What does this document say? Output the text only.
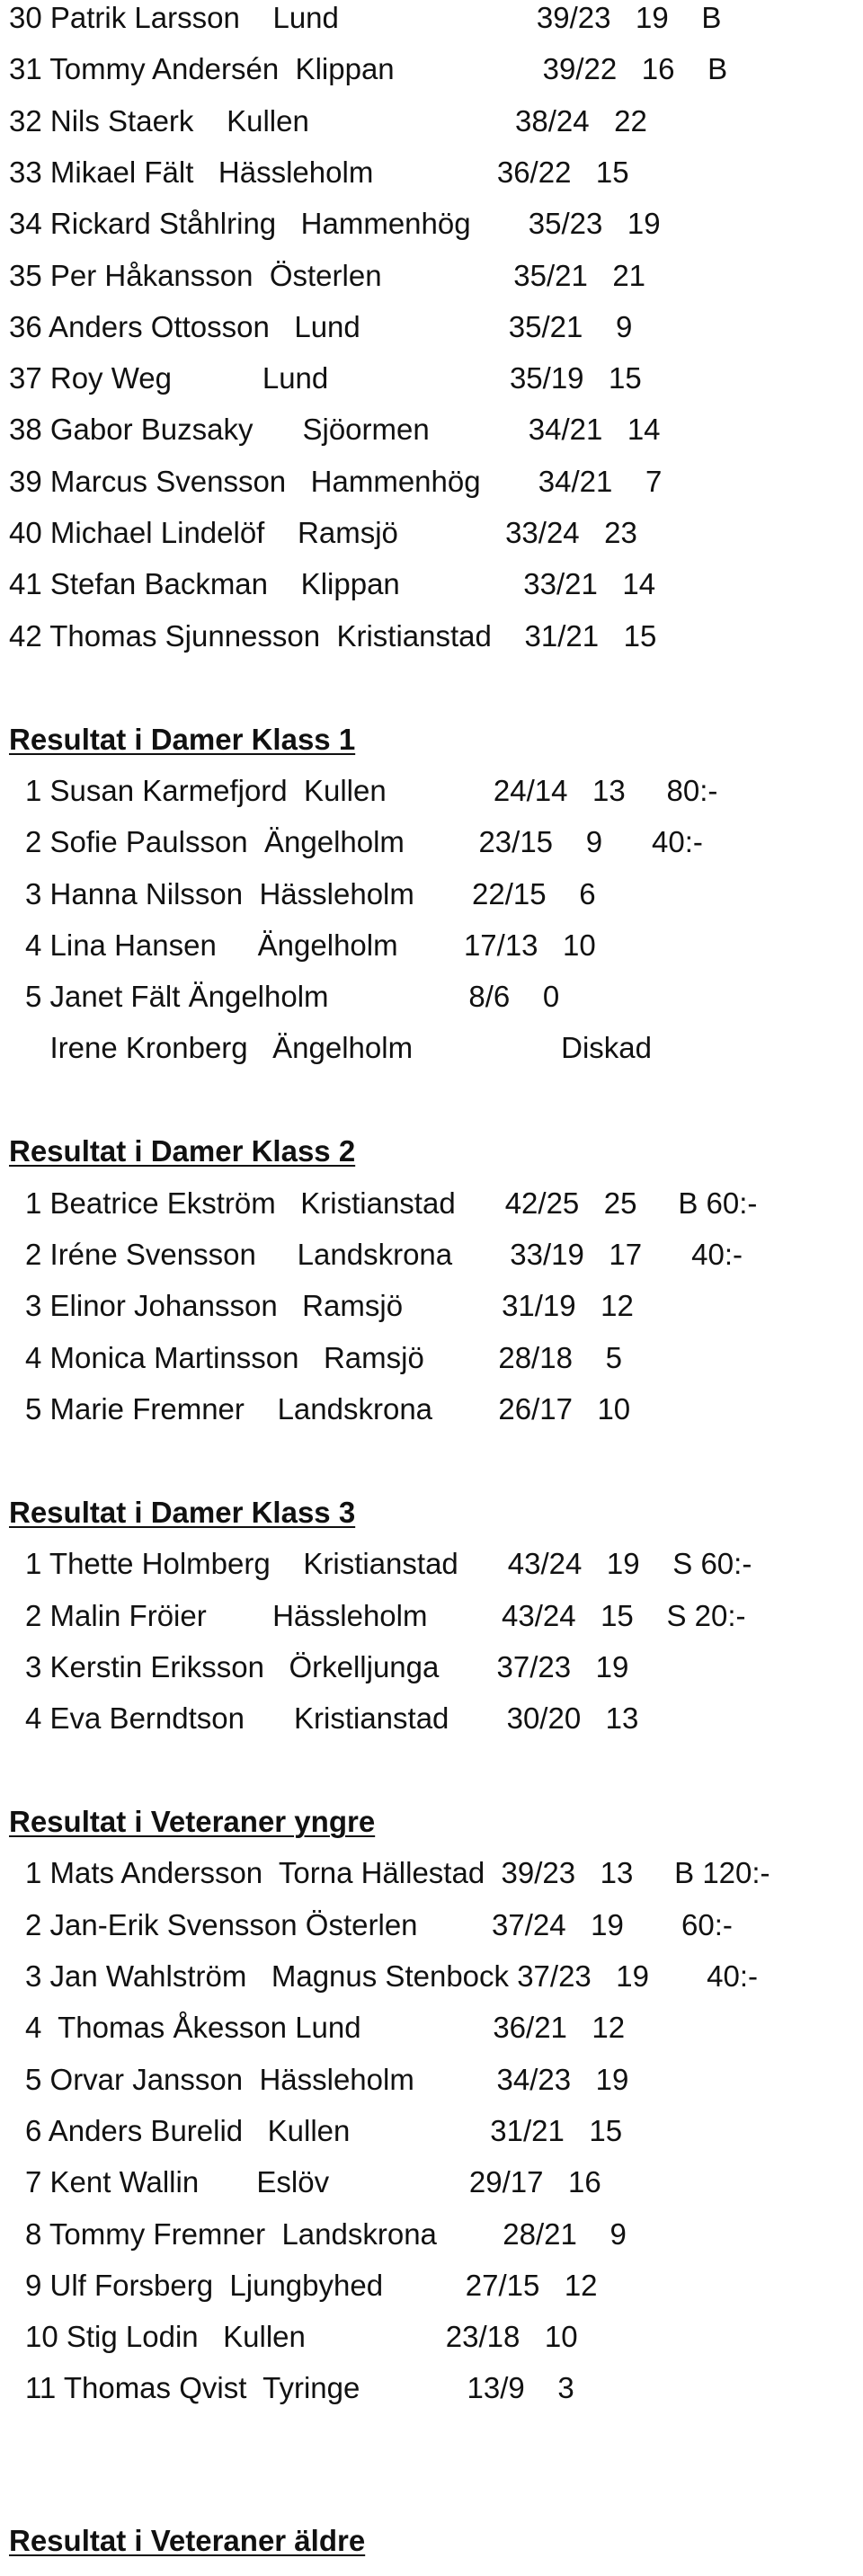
30 Patrik Larsson    Lund                        39/23   19    B
31 Tommy Andersén  Klippan                  39/22   16    B
32 Nils Staerk    Kullen                         38/24   22
33 Mikael Fält   Hässleholm               36/22   15
34 Rickard Ståhlring   Hammenhög       35/23   19
35 Per Håkansson  Österlen                35/21   21
36 Anders Ottosson   Lund                  35/21    9
37 Roy Weg           Lund                      35/19   15
38 Gabor Buzsaky      Sjöormen            34/21   14
39 Marcus Svensson   Hammenhög       34/21    7
40 Michael Lindelöf    Ramsjö             33/24   23
41 Stefan Backman    Klippan               33/21   14
42 Thomas Sjunnesson  Kristianstad    31/21   15
Resultat i Damer Klass 1
1 Susan Karmefjord  Kullen             24/14   13     80:-
2 Sofie Paulsson  Ängelholm         23/15    9      40:-
3 Hanna Nilsson  Hässleholm       22/15    6
4 Lina Hansen     Ängelholm        17/13   10
5 Janet Fält Ängelholm                 8/6    0
Irene Kronberg   Ängelholm                  Diskad
Resultat i Damer Klass 2
1 Beatrice Ekström   Kristianstad      42/25   25     B 60:-
2 Iréne Svensson     Landskrona       33/19   17      40:-
3 Elinor Johansson   Ramsjö            31/19   12
4 Monica Martinsson   Ramsjö         28/18    5
5 Marie Fremner    Landskrona        26/17   10
Resultat i Damer Klass 3
1 Thette Holmberg    Kristianstad      43/24   19    S 60:-
2 Malin Fröier        Hässleholm         43/24   15    S 20:-
3 Kerstin Eriksson   Örkelljunga       37/23   19
4 Eva Berndtson      Kristianstad       30/20   13
Resultat i Veteraner yngre
1 Mats Andersson  Torna Hällestad  39/23   13     B 120:-
2 Jan-Erik Svensson Österlen         37/24   19       60:-
3 Jan Wahlström   Magnus Stenbock 37/23   19       40:-
4  Thomas Åkesson Lund                36/21   12
5 Orvar Jansson  Hässleholm          34/23   19
6 Anders Burelid   Kullen                 31/21   15
7 Kent Wallin       Eslöv                 29/17   16
8 Tommy Fremner  Landskrona        28/21    9
9 Ulf Forsberg  Ljungbyhed          27/15   12
10 Stig Lodin   Kullen                 23/18   10
11 Thomas Qvist  Tyringe             13/9    3
Resultat i Veteraner äldre
